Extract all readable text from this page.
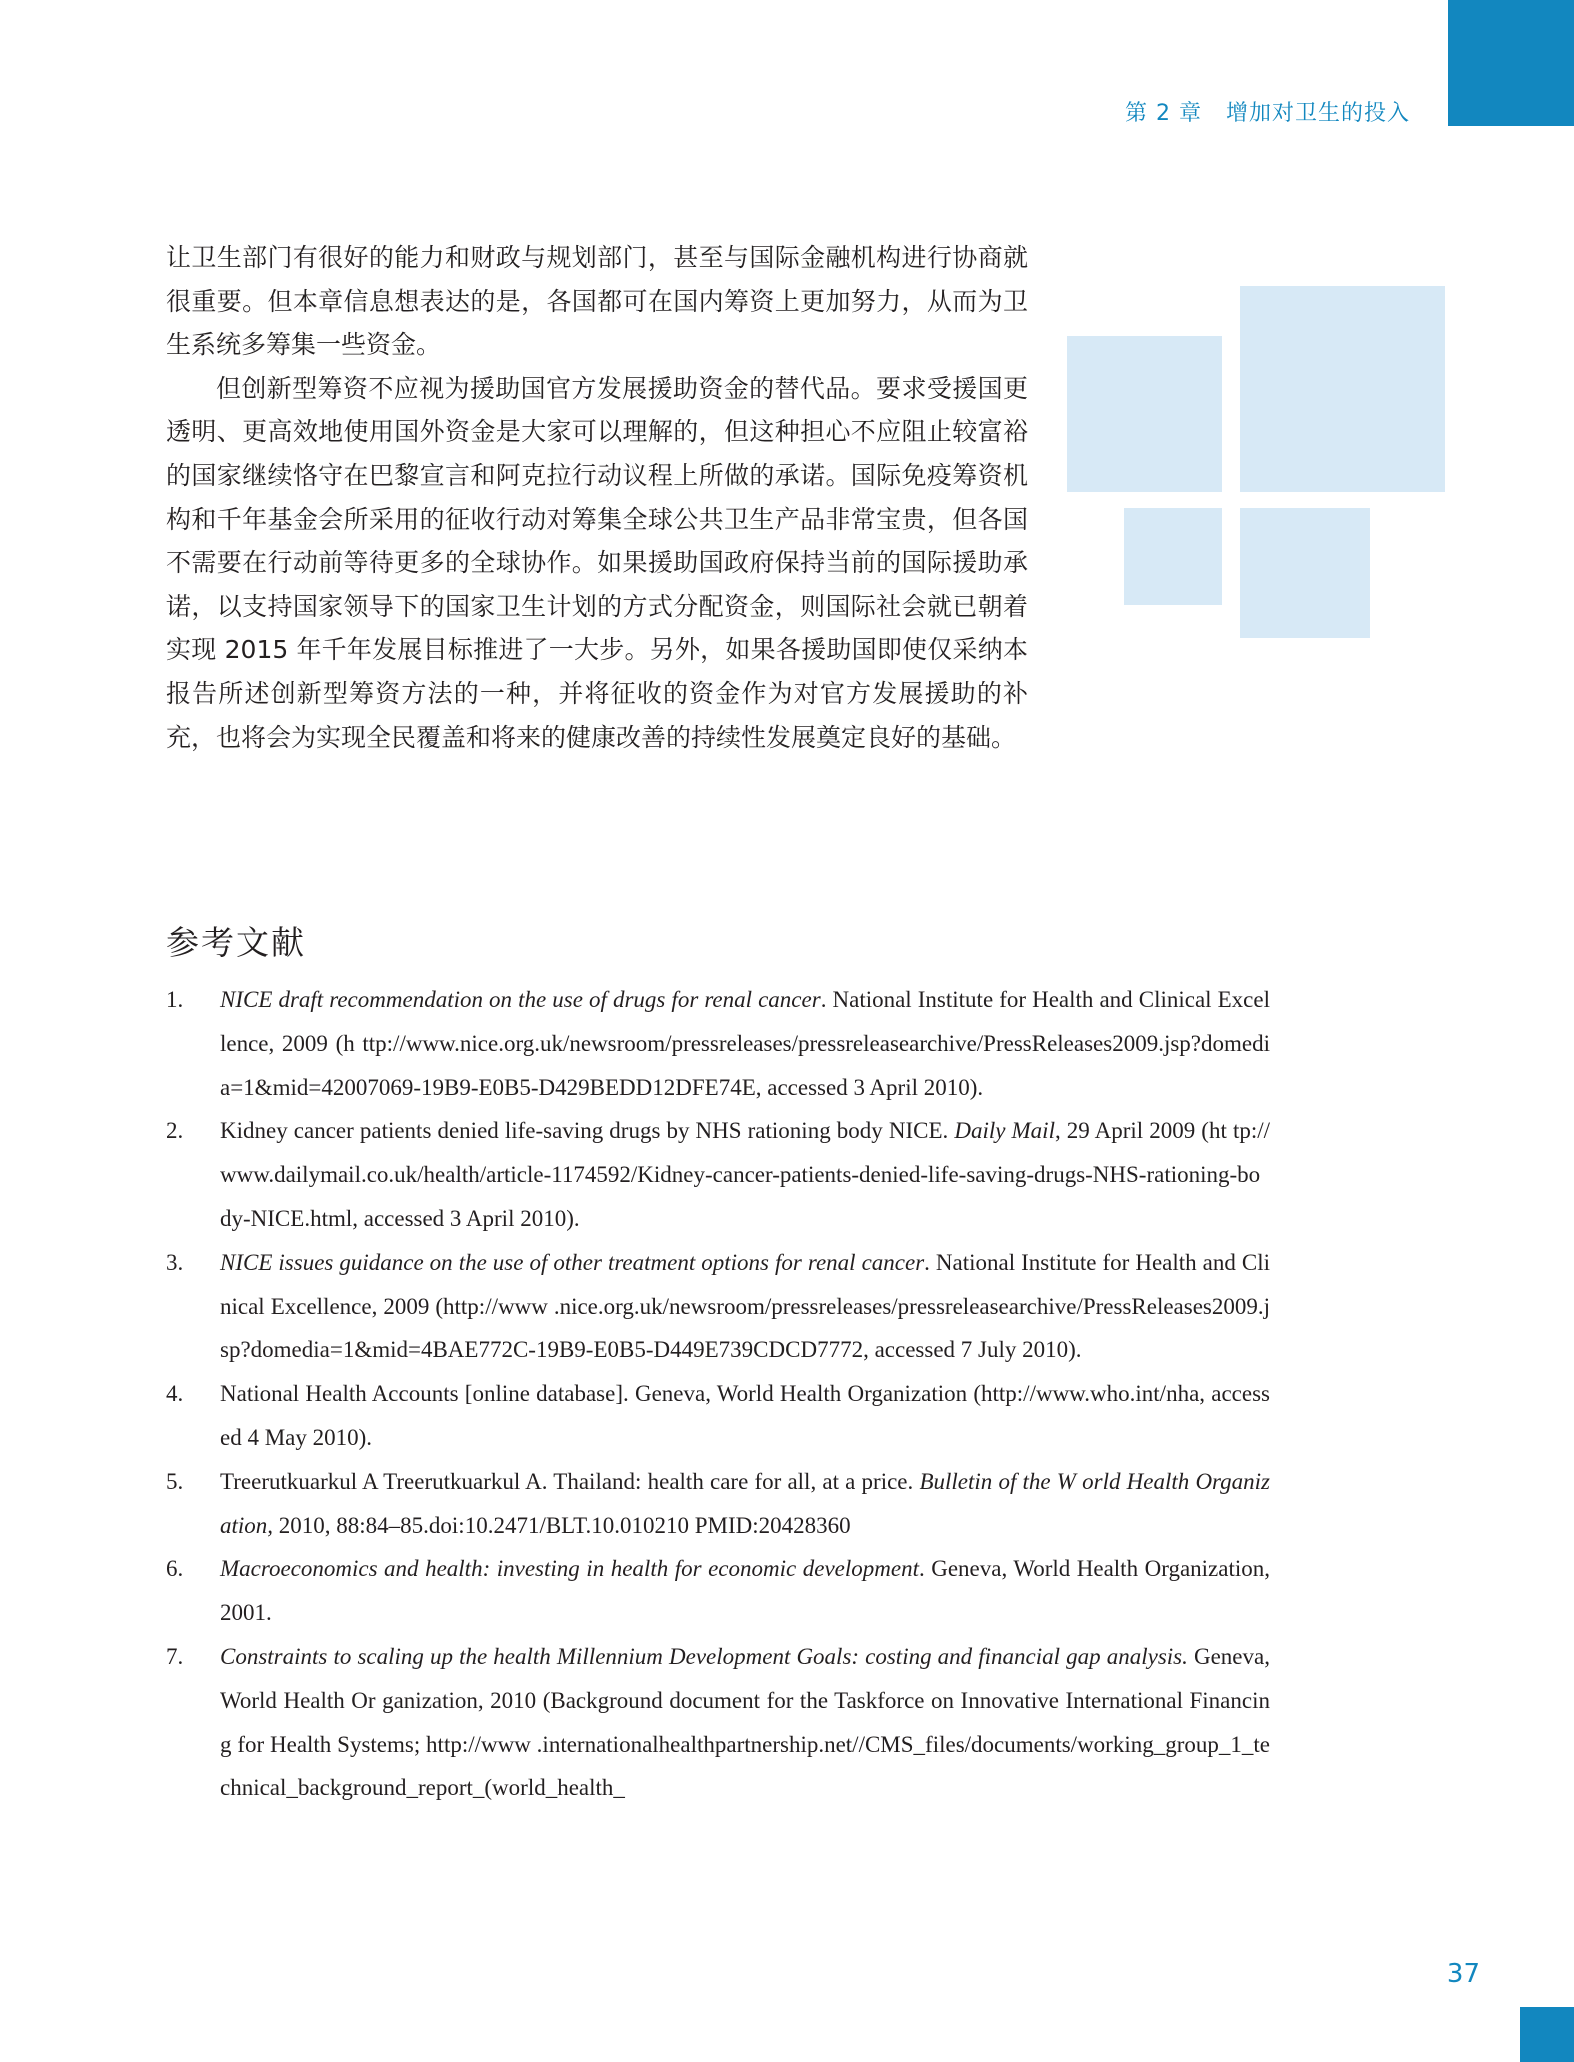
第 2 章 增加对卫生的投入

让卫生部门有很好的能力和财政与规划部门，甚至与国际金融机构进行协商就很重要。但本章信息想表达的是，各国都可在国内筹资上更加努力，从而为卫生系统多筹集一些资金。

但创新型筹资不应视为援助国官方发展援助资金的替代品。要求受援国更透明、更高效地使用国外资金是大家可以理解的，但这种担心不应阻止较富裕的国家继续恪守在巴黎宣言和阿克拉行动议程上所做的承诺。国际免疫筹资机构和千年基金会所采用的征收行动对筹集全球公共卫生产品非常宝贵，但各国不需要在行动前等待更多的全球协作。如果援助国政府保持当前的国际援助承诺，以支持国家领导下的国家卫生计划的方式分配资金，则国际社会就已朝着实现 2015 年千年发展目标推进了一大步。另外，如果各援助国即使仅采纳本报告所述创新型筹资方法的一种，并将征收的资金作为对官方发展援助的补充，也将会为实现全民覆盖和将来的健康改善的持续性发展奠定良好的基础。

参考文献
1. NICE draft recommendation on the use of drugs for renal cancer. National Institute for Health and Clinical Excellence, 2009 (h ttp://www.nice.org.uk/newsroom/pressreleases/pressreleasearchive/PressReleases2009.jsp?domedia=1&mid=42007069-19B9-E0B5-D429BEDD12DFE74E, accessed 3 April 2010).
2. Kidney cancer patients denied life-saving drugs by NHS rationing body NICE. Daily Mail, 29 April 2009 (ht tp://www.dailymail.co.uk/health/article-1174592/Kidney-cancer-patients-denied-life-saving-drugs-NHS-rationing-body-NICE.html, accessed 3 April 2010).
3. NICE issues guidance on the use of other treatment options for renal cancer. National Institute for Health and Clinical Excellence, 2009 (http://www .nice.org.uk/newsroom/pressreleases/pressreleasearchive/PressReleases2009.jsp?domedia=1&mid=4BAE772C-19B9-E0B5-D449E739CDCD7772, accessed 7 July 2010).
4. National Health Accounts [online database]. Geneva, World Health Organization (http://www.who.int/nha, accessed 4 May 2010).
5. Treerutkuarkul A Treerutkuarkul A. Thailand: health care for all, at a price. Bulletin of the W orld Health Organization, 2010, 88:84–85.doi:10.2471/BLT.10.010210 PMID:20428360
6. Macroeconomics and health: investing in health for economic development. Geneva, World Health Organization, 2001.
7. Constraints to scaling up the health Millennium Development Goals: costing and financial gap analysis. Geneva, World Health Or ganization, 2010 (Background document for the Taskforce on Innovative International Financing for Health Systems; http://www .internationalhealthpartnership.net//CMS_files/documents/working_group_1_technical_background_report_(world_health_
37
